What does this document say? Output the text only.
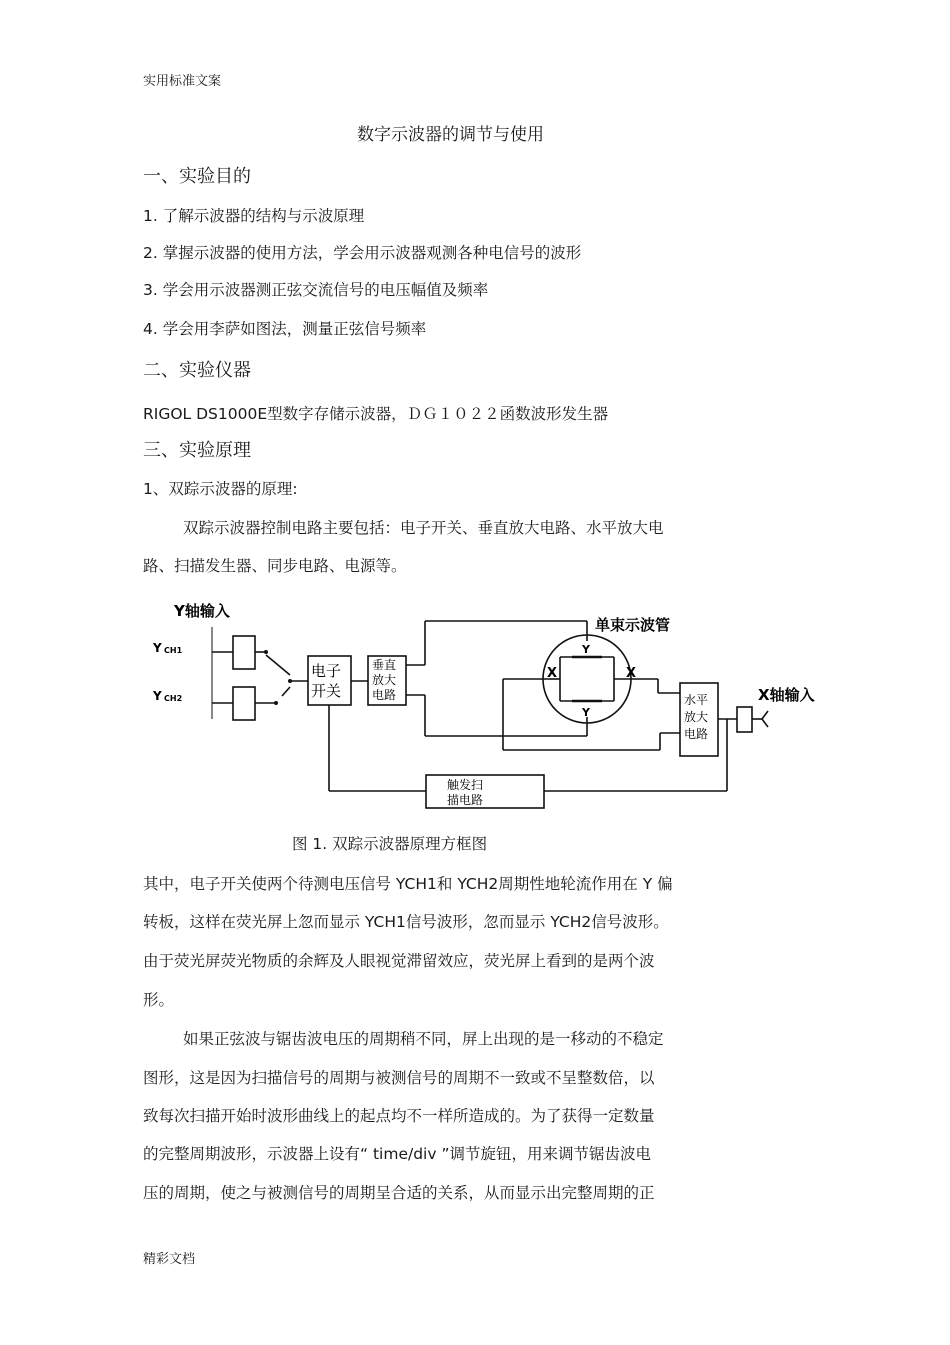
实用标准文案
数字示波器的调节与使用
一、实验目的
1. 了解示波器的结构与示波原理
2. 掌握示波器的使用方法，学会用示波器观测各种电信号的波形
3. 学会用示波器测正弦交流信号的电压幅值及频率
4. 学会用李萨如图法，测量正弦信号频率
二、实验仪器
RIGOL DS1000E型数字存储示波器，ＤＧ１０２２函数波形发生器
三、实验原理
1、双踪示波器的原理:
双踪示波器控制电路主要包括：电子开关、垂直放大电路、水平放大电
路、扫描发生器、同步电路、电源等。
Y轴输入
Y CH1
Y CH2
电子
开关
垂直
放大
电路
单束示波管
Y
Y
X	X
水平
放大
电路
X轴输入
触发扫
描电路
图 1. 双踪示波器原理方框图
其中，电子开关使两个待测电压信号 YCH1和 YCH2周期性地轮流作用在 Y 偏
转板，这样在荧光屏上忽而显示 YCH1信号波形，忽而显示 YCH2信号波形。
由于荧光屏荧光物质的余辉及人眼视觉滞留效应，荧光屏上看到的是两个波
形。
如果正弦波与锯齿波电压的周期稍不同，屏上出现的是一移动的不稳定
图形，这是因为扫描信号的周期与被测信号的周期不一致或不呈整数倍，以
致每次扫描开始时波形曲线上的起点均不一样所造成的。为了获得一定数量
的完整周期波形，示波器上设有“ time/div ”调节旋钮，用来调节锯齿波电
压的周期，使之与被测信号的周期呈合适的关系，从而显示出完整周期的正
精彩文档
